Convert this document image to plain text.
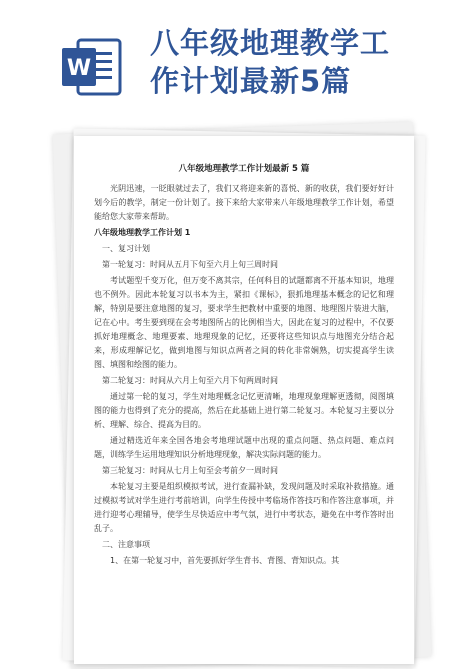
W
八年级地理教学工
作计划最新5篇
八年级地理教学工作计划最新 5 篇

光阴迅速，一眨眼就过去了，我们又将迎来新的喜悦、新的收获，我们要好好计划今后的教学，制定一份计划了。接下来给大家带来八年级地理教学工作计划，希望能给您大家带来帮助。

八年级地理教学工作计划 1
一、复习计划
第一轮复习：时间从五月下旬至六月上旬三周时间

考试题型千变万化，但万变不离其宗，任何科目的试题都离不开基本知识，地理也不例外。因此本轮复习以书本为主，紧扣《课标》，狠抓地理基本概念的记忆和理解，特别是要注意地图的复习，要求学生把教材中重要的地图、地理图片装进大脑，记在心中。考生要到现在会考地图所占的比例相当大，因此在复习的过程中，不仅要抓好地理概念、地理要素、地理现象的记忆，还要将这些知识点与地图充分结合起来，形成理解记忆，做到地图与知识点两者之间的转化非常娴熟，切实提高学生读图、填图和绘图的能力。

第二轮复习：时间从六月上旬至六月下旬两周时间

通过第一轮的复习，学生对地理概念记忆更清晰，地理现象理解更透彻，阅图填图的能力也得到了充分的提高，然后在此基础上进行第二轮复习。本轮复习主要以分析、理解、综合、提高为目的。

通过精选近年来全国各地会考地理试题中出现的重点问题、热点问题、难点问题，训练学生运用地理知识分析地理现象，解决实际问题的能力。

第三轮复习：时间从七月上旬至会考前夕一周时间

本轮复习主要是组织模拟考试，进行查漏补缺，发现问题及时采取补救措施。通过模拟考试对学生进行考前培训，向学生传授中考临场作答技巧和作答注意事项，并进行迎考心理辅导，使学生尽快适应中考气氛，进行中考状态，避免在中考作答时出乱子。

二、注意事项

1、在第一轮复习中，首先要抓好学生背书、背图、背知识点。其
